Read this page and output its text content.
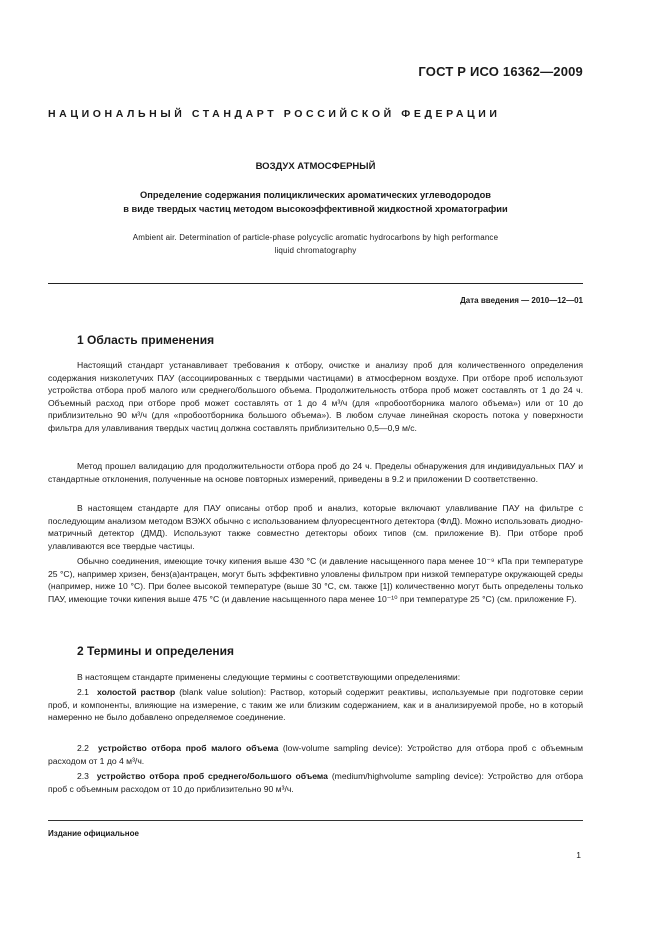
ГОСТ Р ИСО 16362—2009
НАЦИОНАЛЬНЫЙ СТАНДАРТ РОССИЙСКОЙ ФЕДЕРАЦИИ
ВОЗДУХ АТМОСФЕРНЫЙ
Определение содержания полициклических ароматических углеводородов
в виде твердых частиц методом высокоэффективной жидкостной хроматографии
Ambient air. Determination of particle-phase polycyclic aromatic hydrocarbons by high performance
liquid chromatography
Дата введения — 2010—12—01
1 Область применения

Настоящий стандарт устанавливает требования к отбору, очистке и анализу проб для количественного определения содержания низколетучих ПАУ (ассоциированных с твердыми частицами) в атмосферном воздухе. При отборе проб используют устройства отбора проб малого или среднего/большого объема. Продолжительность отбора проб может составлять от 1 до 24 ч. Объемный расход при отборе проб может составлять от 1 до 4 м³/ч (для «пробоотборника малого объема») или от 10 до приблизительно 90 м³/ч (для «пробоотборника большого объема»). В любом случае линейная скорость потока у поверхности фильтра для улавливания твердых частиц должна составлять приблизительно 0,5—0,9 м/с.

Метод прошел валидацию для продолжительности отбора проб до 24 ч. Пределы обнаружения для индивидуальных ПАУ и стандартные отклонения, полученные на основе повторных измерений, приведены в 9.2 и приложении D соответственно.

В настоящем стандарте для ПАУ описаны отбор проб и анализ, которые включают улавливание ПАУ на фильтре с последующим анализом методом ВЭЖХ обычно с использованием флуоресцентного детектора (ФлД). Можно использовать диодно-матричный детектор (ДМД). Используют также совместно детекторы обоих типов (см. приложение В). При отборе проб улавливаются все твердые частицы.

Обычно соединения, имеющие точку кипения выше 430 °С (и давление насыщенного пара менее 10⁻⁹ кПа при температуре 25 °С), например хризен, бенз(а)антрацен, могут быть эффективно уловлены фильтром при низкой температуре окружающей среды (например, ниже 10 °С). При более высокой температуре (выше 30 °С, см. также [1]) количественно могут быть определены только ПАУ, имеющие точки кипения выше 475 °С (и давление насыщенного пара менее 10⁻¹⁰ при температуре 25 °С) (см. приложение F).

2 Термины и определения

В настоящем стандарте применены следующие термины с соответствующими определениями:

2.1 холостой раствор (blank value solution): Раствор, который содержит реактивы, используемые при подготовке серии проб, и компоненты, влияющие на измерение, с таким же или близким содержанием, как и в анализируемой пробе, но в который намеренно не было добавлено определяемое соединение.

2.2 устройство отбора проб малого объема (low-volume sampling device): Устройство для отбора проб с объемным расходом от 1 до 4 м³/ч.

2.3 устройство отбора проб среднего/большого объема (medium/highvolume sampling device): Устройство для отбора проб с объемным расходом от 10 до приблизительно 90 м³/ч.

Издание официальное
1
